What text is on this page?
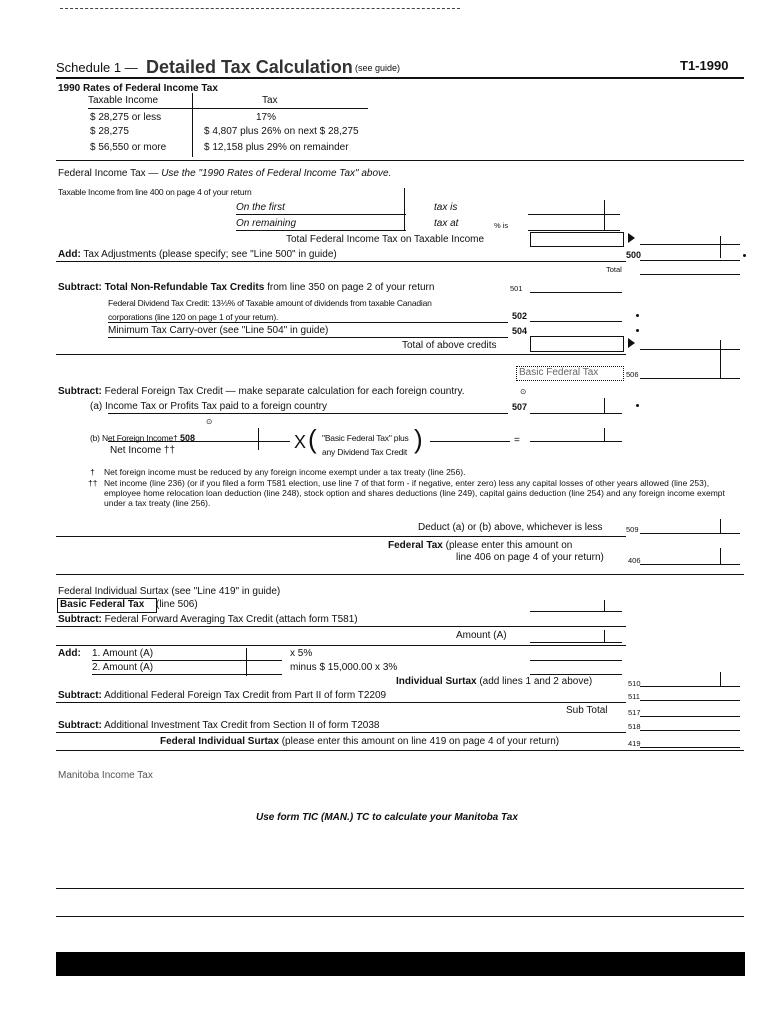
Schedule 1 — Detailed Tax Calculation (see guide)	T1-1990
1990 Rates of Federal Income Tax
Taxable Income	Tax
$ 28,275 or less	17%
$ 28,275	$ 4,807 plus 26% on next $ 28,275
$ 56,550 or more	$ 12,158 plus 29% on remainder
Federal Income Tax — Use the "1990 Rates of Federal Income Tax" above.
Taxable Income from line 400 on page 4 of your return
On the first	tax is
On remaining	tax at	% is
Total Federal Income Tax on Taxable Income
Add: Tax Adjustments (please specify; see "Line 500" in guide)	500
Total
Subtract: Total Non-Refundable Tax Credits from line 350 on page 2 of your return	501
Federal Dividend Tax Credit: 13⅓% of Taxable amount of dividends from taxable Canadian
corporations (line 120 on page 1 of your return).	502
Minimum Tax Carry-over (see "Line 504" in guide)	504
Total of above credits
Basic Federal Tax	506
Subtract: Federal Foreign Tax Credit — make separate calculation for each foreign country.	⊙
(a) Income Tax or Profits Tax paid to a foreign country	507
⊙
(b) Net Foreign Income† 508
Net Income ††	X ( "Basic Federal Tax" plus
any Dividend Tax Credit )	=
† Net foreign income must be reduced by any foreign income exempt under a tax treaty (line 256).
†† Net income (line 236) (or if you filed a form T581 election, use line 7 of that form - if negative, enter zero) less any capital losses of other years allowed (line 253), employee home relocation loan deduction (line 248), stock option and shares deductions (line 249), capital gains deduction (line 254) and any foreign income exempt under a tax treaty (line 256).
Deduct (a) or (b) above, whichever is less	509
Federal Tax (please enter this amount on
line 406 on page 4 of your return)	406
Federal Individual Surtax (see "Line 419" in guide)
Basic Federal Tax (line 506)
Subtract: Federal Forward Averaging Tax Credit (attach form T581)
Amount (A)
Add: 1. Amount (A)	x 5%
2. Amount (A)	minus $ 15,000.00 x 3%
Individual Surtax (add lines 1 and 2 above)	510
Subtract: Additional Federal Foreign Tax Credit from Part II of form T2209	511
Sub Total	517
Subtract: Additional Investment Tax Credit from Section II of form T2038	518
Federal Individual Surtax (please enter this amount on line 419 on page 4 of your return)	419
Manitoba Income Tax
Use form TIC (MAN.) TC to calculate your Manitoba Tax
